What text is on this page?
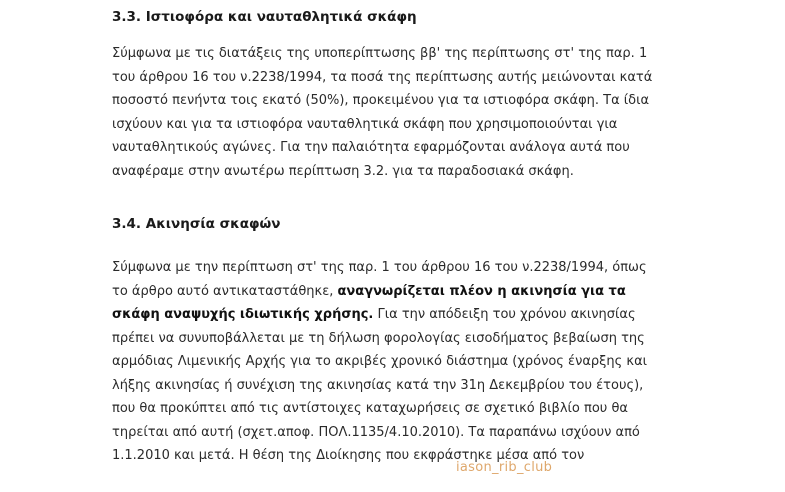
3.3. Ιστιοφόρα και ναυταθλητικά σκάφη
Σύμφωνα με τις διατάξεις της υποπερίπτωσης ββ' της περίπτωσης στ' της παρ. 1
του άρθρου 16 του ν.2238/1994, τα ποσά της περίπτωσης αυτής μειώνονται κατά
ποσοστό πενήντα τοις εκατό (50%), προκειμένου για τα ιστιοφόρα σκάφη. Τα ίδια
ισχύουν και για τα ιστιοφόρα ναυταθλητικά σκάφη που χρησιμοποιούνται για
ναυταθλητικούς αγώνες. Για την παλαιότητα εφαρμόζονται ανάλογα αυτά που
αναφέραμε στην ανωτέρω περίπτωση 3.2. για τα παραδοσιακά σκάφη.
3.4. Ακινησία σκαφών
Σύμφωνα με την περίπτωση στ' της παρ. 1 του άρθρου 16 του ν.2238/1994, όπως
το άρθρο αυτό αντικαταστάθηκε, αναγνωρίζεται πλέον η ακινησία για τα
σκάφη αναψυχής ιδιωτικής χρήσης. Για την απόδειξη του χρόνου ακινησίας
πρέπει να συνυποβάλλεται με τη δήλωση φορολογίας εισοδήματος βεβαίωση της
αρμόδιας Λιμενικής Αρχής για το ακριβές χρονικό διάστημα (χρόνος έναρξης και
λήξης ακινησίας ή συνέχιση της ακινησίας κατά την 31η Δεκεμβρίου του έτους),
που θα προκύπτει από τις αντίστοιχες καταχωρήσεις σε σχετικό βιβλίο που θα
τηρείται από αυτή (σχετ.αποφ. ΠΟΛ.1135/4.10.2010). Τα παραπάνω ισχύουν από
1.1.2010 και μετά. Η θέση της Διοίκησης που εκφράστηκε μέσα από τον
iason_rib_club
